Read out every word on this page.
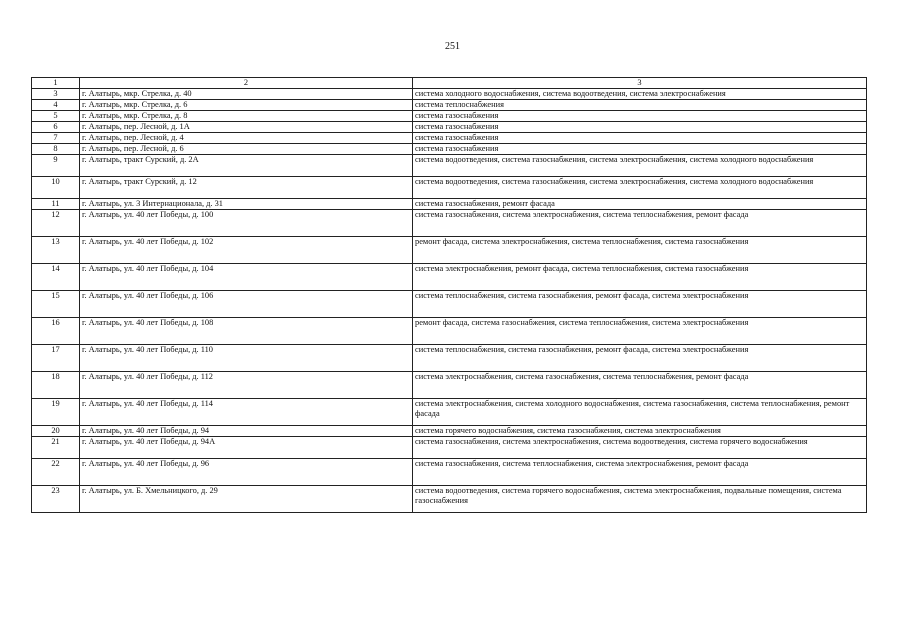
251
1	2	3
3	г. Алатырь, мкр. Стрелка, д. 40	система холодного водоснабжения, система водоотведения, система электроснабжения
4	г. Алатырь, мкр. Стрелка, д. 6	система теплоснабжения
5	г. Алатырь, мкр. Стрелка, д. 8	система газоснабжения
6	г. Алатырь, пер. Лесной, д. 1А	система газоснабжения
7	г. Алатырь, пер. Лесной, д. 4	система газоснабжения
8	г. Алатырь, пер. Лесной, д. 6	система газоснабжения
9	г. Алатырь, тракт Сурский, д. 2А	система водоотведения, система газоснабжения, система электроснабжения, система холодного водоснабжения
10	г. Алатырь, тракт Сурский, д. 12	система водоотведения, система газоснабжения, система электроснабжения, система холодного водоснабжения
11	г. Алатырь, ул. 3 Интернационала, д. 31	система газоснабжения, ремонт фасада
12	г. Алатырь, ул. 40 лет Победы, д. 100	система газоснабжения, система электроснабжения, система теплоснабжения, ремонт фасада
13	г. Алатырь, ул. 40 лет Победы, д. 102	ремонт фасада, система электроснабжения, система теплоснабжения, система газоснабжения
14	г. Алатырь, ул. 40 лет Победы, д. 104	система электроснабжения, ремонт фасада, система теплоснабжения, система газоснабжения
15	г. Алатырь, ул. 40 лет Победы, д. 106	система теплоснабжения, система газоснабжения, ремонт фасада, система электроснабжения
16	г. Алатырь, ул. 40 лет Победы, д. 108	ремонт фасада, система газоснабжения, система теплоснабжения, система электроснабжения
17	г. Алатырь, ул. 40 лет Победы, д. 110	система теплоснабжения, система газоснабжения, ремонт фасада, система электроснабжения
18	г. Алатырь, ул. 40 лет Победы, д. 112	система электроснабжения, система газоснабжения, система теплоснабжения, ремонт фасада
19	г. Алатырь, ул. 40 лет Победы, д. 114	система электроснабжения, система холодного водоснабжения, система газоснабжения, система теплоснабжения, ремонт фасада
20	г. Алатырь, ул. 40 лет Победы, д. 94	система горячего водоснабжения, система газоснабжения, система электроснабжения
21	г. Алатырь, ул. 40 лет Победы, д. 94А	система газоснабжения, система электроснабжения, система водоотведения, система горячего водоснабжения
22	г. Алатырь, ул. 40 лет Победы, д. 96	система газоснабжения, система теплоснабжения, система электроснабжения, ремонт фасада
23	г. Алатырь, ул. Б. Хмельницкого, д. 29	система водоотведения, система горячего водоснабжения, система электроснабжения, подвальные помещения, система газоснабжения
